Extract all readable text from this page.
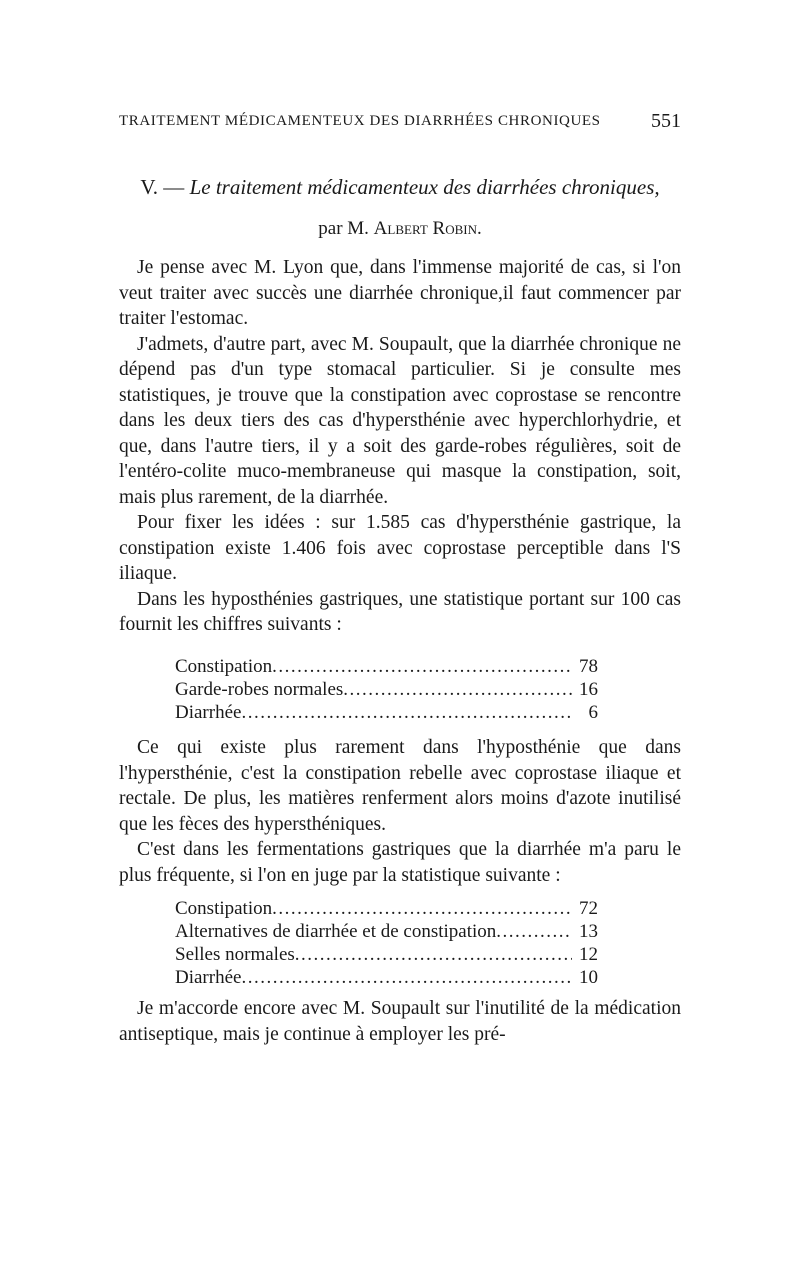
TRAITEMENT MÉDICAMENTEUX DES DIARRHÉES CHRONIQUES	551
V. — Le traitement médicamenteux des diarrhées chroniques,
par M. Albert Robin.

Je pense avec M. Lyon que, dans l'immense majorité de cas, si l'on veut traiter avec succès une diarrhée chronique,il faut commencer par traiter l'estomac.

J'admets, d'autre part, avec M. Soupault, que la diarrhée chronique ne dépend pas d'un type stomacal particulier. Si je consulte mes statistiques, je trouve que la constipation avec coprostase se rencontre dans les deux tiers des cas d'hypersthénie avec hyperchlorhydrie, et que, dans l'autre tiers, il y a soit des garde-robes régulières, soit de l'entéro-colite muco-membraneuse qui masque la constipation, soit, mais plus rarement, de la diarrhée.

Pour fixer les idées : sur 1.585 cas d'hypersthénie gastrique, la constipation existe 1.406 fois avec coprostase perceptible dans l'S iliaque.

Dans les hyposthénies gastriques, une statistique portant sur 100 cas fournit les chiffres suivants :

Constipation .....	78
Garde-robes normales .....	16
Diarrhée .....	6

Ce qui existe plus rarement dans l'hyposthénie que dans l'hypersthénie, c'est la constipation rebelle avec coprostase iliaque et rectale. De plus, les matières renferment alors moins d'azote inutilisé que les fèces des hypersthéniques.

C'est dans les fermentations gastriques que la diarrhée m'a paru le plus fréquente, si l'on en juge par la statistique suivante :

Constipation .....	72
Alternatives de diarrhée et de constipation .....	13
Selles normales .....	12
Diarrhée .....	10

Je m'accorde encore avec M. Soupault sur l'inutilité de la médication antiseptique, mais je continue à employer les pré-
